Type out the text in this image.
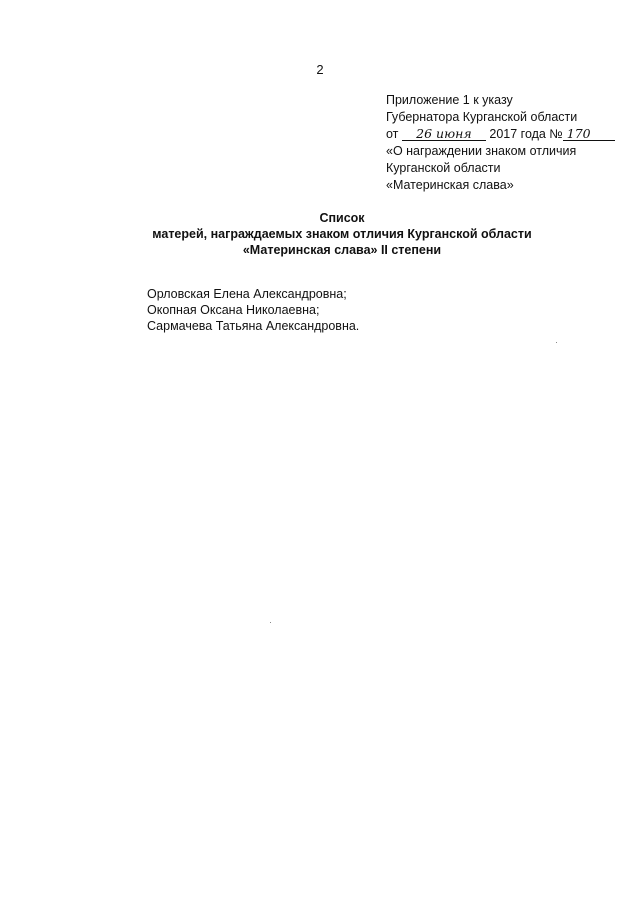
2
Приложение 1 к указу
Губернатора Курганской области
от 26 июня 2017 года № 170
«О награждении знаком отличия
Курганской области
«Материнская слава»
Список
матерей, награждаемых знаком отличия Курганской области
«Материнская слава» II степени
Орловская Елена Александровна;
Окопная Оксана Николаевна;
Сармачева Татьяна Александровна.
